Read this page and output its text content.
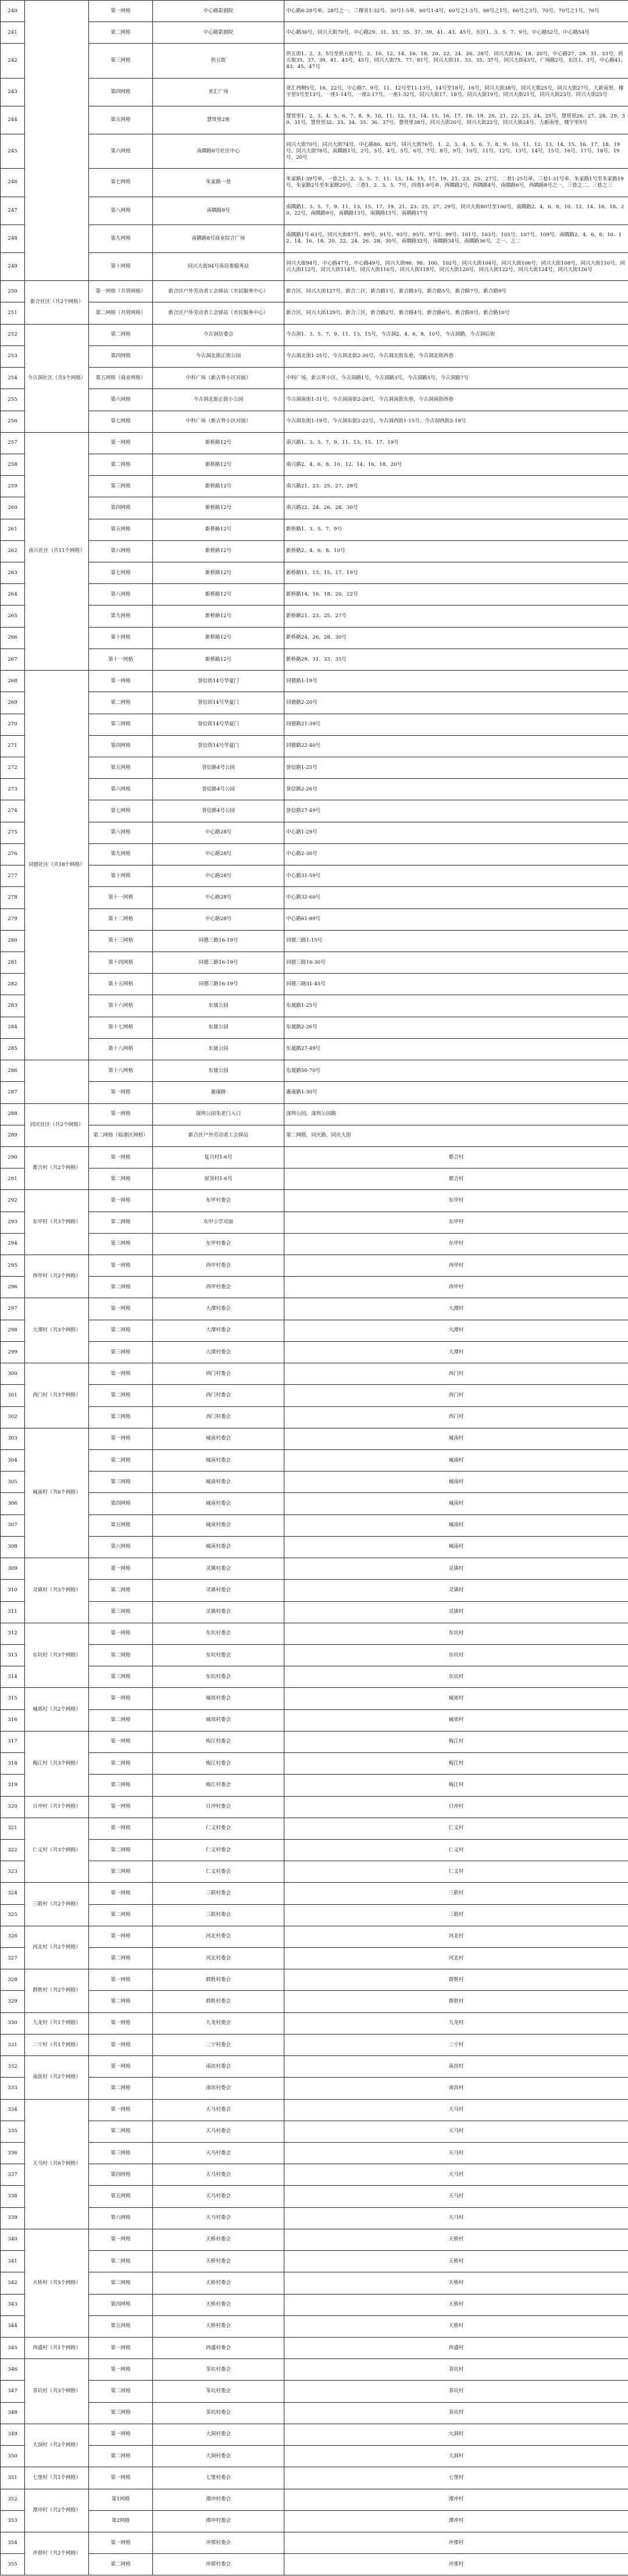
240		第一网格	中心路影剧院	中心路6-28号单，28号之一，三棵省1-32号，30号1-5单，60号1-4号，60号之1-3号，66号之1号，66号之3号，70号，70号之1号，76号
241		第二网格	中心路影剧院	中心路30号，同兴大街70号，中心路29、31、33、35、37、39、41、43、45号，东区1、3、5、7、9号，中心路52号，中心路54号
242		第三网格	供五街	供五街1、2、3、5号至供五街7号，2、10、12、14、16、18、20、22、24、26、28号，同兴大街16、18、20号，中心路27、29、31、33号，供五街35、37、39、41、43号，45号，同兴大街75、77、81号，同兴大街31、33、35、37号，同兴大街43号，广场路2号，东区1、3号，中心路41、43、45、47号
243		第四网格	亚汇广场	亚汇西侧5号，16、22号，中心路7、9号，11、12号至11-13号，14号至18号，16号，同兴大街38号，同兴大街25号，同兴大街27号，大新南里，楼宇里5号至13号，一座1-14号，一座2-17号，一座1-32号，同兴大街17、18号，同兴大街19号，同兴大街21号，同兴大街23号，同兴大街25号
244		第五网格	慧贤里2座	慧贤里1、2、3、4、5、6、7、8、9、10、11、12、13、14、15、16、17、18、19、20、21、22、23、24、25号，慧贤里26、27、28、29、30、31号，慧贤里32、33、34、35、36、37号，慧贤里38号，同兴大街20号，同兴大街22号，同兴大街24号，大新南里，楼宇里5号
245		第六网格	南隅路8号社区中心	同兴大街70号，同兴大街74号，中心路80、82号，同兴大街76号，1、2、3、4、5、6、7、8、9、10、11、12、13、14、15、16、17、18、19号，同兴大街78号，南隅路1号，2号，3号，4号，5号，6号，7号，8号，9号，10号，11号，12号，13号，14号，15号，16号，17号，18号，19号，20号
246		第七网格	朱家路一巷	朱家路1-39号单，一巷之1、2、3、5、7、11、13、14、15、17、19、21、23、25、27号，二巷1-25号单，三巷1-31号单，朱家路1号至朱家路19号，朱家路2号至朱家路20号，三巷1、2、3、5、7号，四巷1-9号单，西隅路2号，西隅路4号，南隅路6号，西隅路8号之一，三巷之二、三巷之三
247		第八网格	南隅路9号	南隅路1、3、5、7、9、11、13、15、17、19、21、23、25、27、29号，同兴大街80号至100号，南隅路2、4、6、8、10、12、14、16、18、20、22号，南隅路9号，南隅路13号，南隅路15号，南隅路17号
248		第九网格	南隅路8号商业综合广场	南隅路1号-63号，同兴大街87号、89号、91号、93号、95号、97号、99号、101号、103号、105号、107号、109号，南隅路2、4、6、8、10、12、14、16、18、20、22、24、26、28、30号，南隅路32号，南隅路34号，南隅路36号，之一、之二
249		第十网格	同兴大街94号南居委服务站	同兴大街94号，中心路47号，中心路49号，同兴大街96、98、100、102号，同兴大街104号，同兴大街106号，同兴大街108号，同兴大街110号，同兴大街112号，同兴大街114号，同兴大街116号，同兴大街118号，同兴大街120号，同兴大街122号，同兴大街124号，同兴大街126号
250	新合社区（共2个网格）	第一网格（共管网格）	新合区户外劳动者工会驿站（市民服务中心）	新合区，同兴大街127号，新合二区，新合路1号，新合路3号，新合路5号，新合路7号，新合路9号
251		第二网格（共管网格）	新合区户外劳动者工会驿站（市民服务中心）	新合区，同兴大街129号，新合三区，新合路2号，新合路4号，新合路6号，新合路8号，新合路10号
252	今古洞社区（共5个网格）	第二网格	今古洞居委会	今古洞1、3、5、7、9、11、13、15号，今古洞2、4、6、8、10号，今古洞路，今古洞后街
253		第四网格	今古洞北街正街公园	今古洞北街1-25号，今古洞北街2-30号，今古洞北街东巷，今古洞北街西巷
254		第五网格（商业网格）	中科广场（新古界小区对面）	中科广场，新古界小区，今古洞路1号，今古洞路3号，今古洞路5号，今古洞路7号
255		第六网格	今古洞北街正街小公园	今古洞南街1-31号，今古洞南街2-28号，今古洞南街东巷，今古洞南街西巷
256		第七网格	中科广场（新古界小区对面）	今古洞东街1-19号，今古洞东街2-22号，今古洞西街1-15号，今古洞西街2-18号
257	南兴社区（共11个网格）	第一网格	新桥路12号	南兴路1、3、5、7、9、11、13、15、17、19号
258		第二网格	新桥路12号	南兴路2、4、6、8、10、12、14、16、18、20号
259		第三网格	新桥路12号	南兴路21、23、25、27、29号
260		第四网格	新桥路12号	南兴路22、24、26、28、30号
261		第五网格	新桥路12号	新桥路1、3、5、7、9号
262		第六网格	新桥路12号	新桥路2、4、6、8、10号
263		第七网格	新桥路12号	新桥路11、13、15、17、19号
264		第八网格	新桥路12号	新桥路14、16、18、20、22号
265		第九网格	新桥路12号	新桥路21、23、25、27号
266		第十网格	新桥路12号	新桥路24、26、28、30号
267		第十一网格	新桥路12号	新桥路29、31、33、35号
268	同德社区（共18个网格）	第一网格	誉信街14号华夏门	同德路1-19号
269		第二网格	誉信街14号华夏门	同德路2-20号
270		第三网格	誉信街14号华夏门	同德路21-39号
271		第四网格	誉信街14号华夏门	同德路22-40号
272		第五网格	誉信路4号公园	誉信路1-25号
273		第六网格	誉信路4号公园	誉信路2-26号
274		第七网格	誉信路4号公园	誉信路27-49号
275		第八网格	中心路28号	中心路1-29号
276		第九网格	中心路28号	中心路2-30号
277		第十网格	中心路28号	中心路31-59号
278		第十一网格	中心路28号	中心路32-60号
279		第十二网格	中心路28号	中心路61-89号
280		第十三网格	同德三路16-19号	同德三路1-15号
281		第十四网格	同德三路16-19号	同德三路16-30号
282		第十五网格	同德三路16-19号	同德三路31-45号
283		第十六网格	东晟公园	东晟路1-25号
284		第十七网格	东晟公园	东晟路2-26号
285		第十八网格	东晟公园	东晟路27-49号
286		第十八网格	东晟公园	东晟路50-70号
287		第一网格	惠康路	惠康路1-30号
288	同庆社区（共2个网格）	第一网格	深圳公园朱老门入口	深圳公园，深圳公园路
289		第二网格（临港区网格）	新合区户外劳动者工会驿站	第二网格，同庆路，同庆大街
290	都合村（共2个网格）	第一网格	复兴村1-6号	都合村
291		第二网格	屋顶村1-6号	都合村
292	东甲村（共3个网格）	第一网格	东甲村委会	东甲村
293		第二网格	东甲小学对面	东甲村
294		第三网格	东甲村委会	东甲村
295	西甲村（共2个网格）	第一网格	西甲村委会	西甲村
296		第二网格	西甲村委会	西甲村
297	大潭村（共3个网格）	第一网格	大潭村委会	大潭村
298		第二网格	大潭村委会	大潭村
299		第三网格	大潭村委会	大潭村
300	西门村（共3个网格）	第一网格	西门村委会	西门村
301		第二网格	西门村委会	西门村
302		第三网格	西门村委会	西门村
303	城南村（共6个网格）	第一网格	城南村委会	城南村
304		第二网格	城南村委会	城南村
305		第三网格	城南村委会	城南村
306		第四网格	城南村委会	城南村
307		第五网格	城南村委会	城南村
308		第六网格	城南村委会	城南村
309	灵镇村（共3个网格）	第一网格	灵镇村委会	灵镇村
310		第二网格	灵镇村委会	灵镇村
311		第三网格	灵镇村委会	灵镇村
312	东坑村（共3个网格）	第一网格	东坑村委会	东坑村
313		第二网格	东坑村委会	东坑村
314		第三网格	东坑村委会	东坑村
315	城郊村（共2个网格）	第一网格	城郊村委会	城郊村
316		第二网格	城郊村委会	城郊村
317	梅江村（共3个网格）	第一网格	梅江村委会	梅江村
318		第二网格	梅江村委会	梅江村
319		第三网格	梅江村委会	梅江村
320	日冲村（共1个网格）	第一网格	日冲村委会	日冲村
321	仁义村（共3个网格）	第一网格	仁义村委会	仁义村
322		第二网格	仁义村委会	仁义村
323		第三网格	仁义村委会	仁义村
324	三联村（共2个网格）	第一网格	三联村委会	三联村
325		第二网格	三联村委会	三联村
326	河北村（共2个网格）	第一网格	河北村委会	河北村
327		第二网格	河北村委会	河北村
328	群胜村（共2个网格）	第一网格	群胜村委会	群胜村
329		第二网格	群胜村委会	群胜村
330	九龙村（共1个网格）	第一网格	九龙村委会	九龙村
331	二宁村（共1个网格）	第一网格	二宁村委会	二宁村
332	南滨村（共2个网格）	第一网格	南滨村委会	南滨村
333		第二网格	南滨村委会	南滨村
334	天马村（共6个网格）	第一网格	天马村委会	天马村
335		第二网格	天马村委会	天马村
336		第三网格	天马村委会	天马村
337		第四网格	天马村委会	天马村
338		第五网格	天马村委会	天马村
339		第六网格	天马村委会	天马村
340	天桥村（共5个网格）	第一网格	天桥村委会	天桥村
341		第二网格	天桥村委会	天桥村
342		第三网格	天桥村委会	天桥村
343		第四网格	天桥村委会	天桥村
344		第五网格	天桥村委会	天桥村
345	西盛村（共1个网格）	第一网格	西盛村委会	西盛村
346	茶坑村（共3个网格）	第一网格	茶坑村委会	茶坑村
347		第二网格	茶坑村委会	茶坑村
348		第三网格	茶坑村委会	茶坑村
349	大洞村（共2个网格）	第一网格	大洞村委会	大洞村
350		第二网格	大洞村委会	大洞村
351	七堡村（共1个网格）	第一网格	七堡村委会	七堡村
352	潭冲村（共2个网格）	第1网格	潭冲村委会	潭冲村
353		第2网格	潭冲村委会	潭冲村
354	冲那村（共2个网格）	第一网格	冲那村委会	冲那村
355		第二网格	冲那村委会	冲那村
